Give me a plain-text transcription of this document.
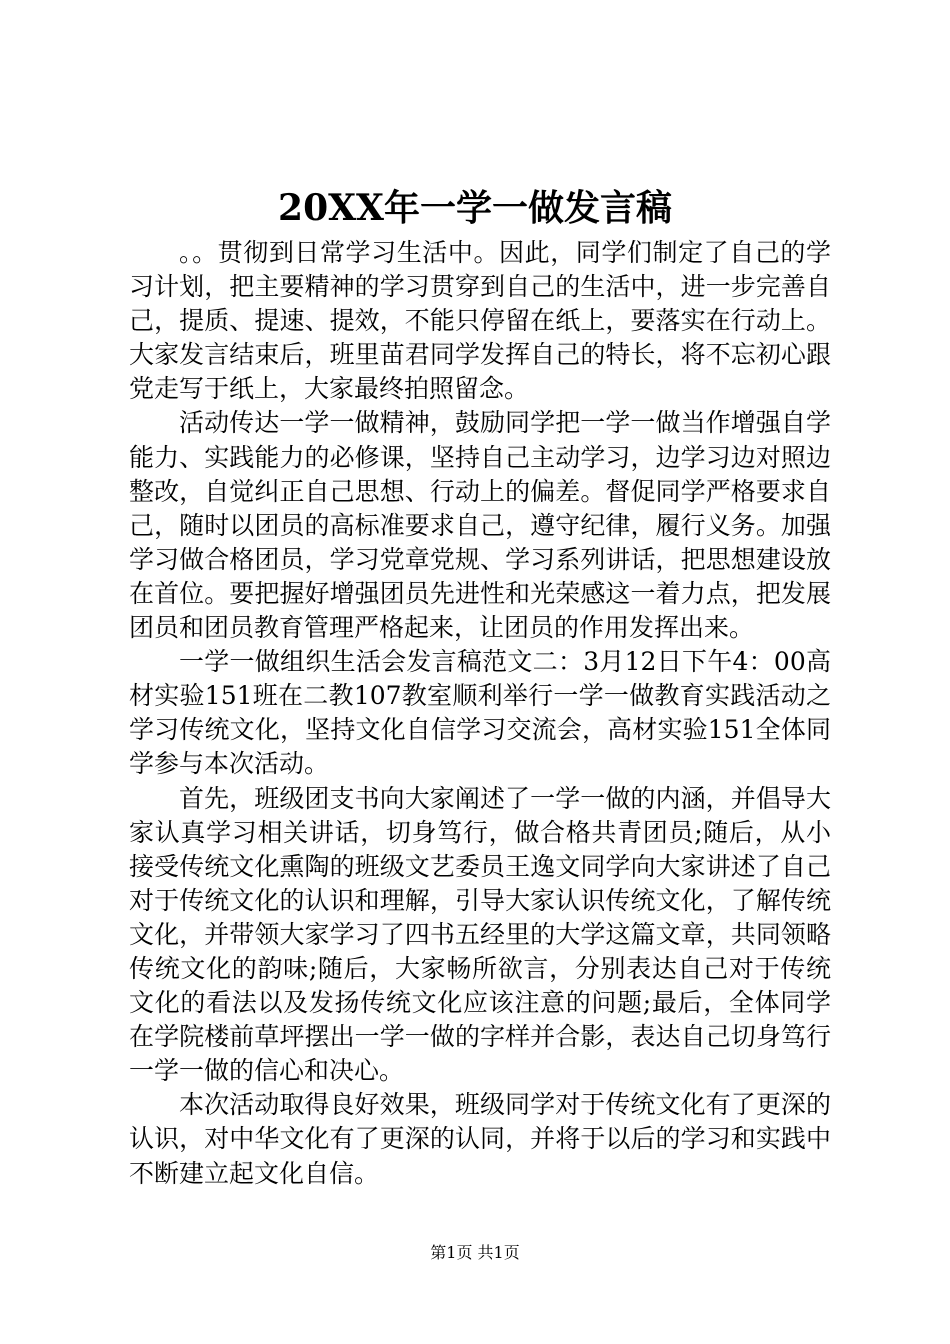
20XX年一学一做发言稿

。。贯彻到日常学习生活中。因此，同学们制定了自己的学习计划，把主要精神的学习贯穿到自己的生活中，进一步完善自己，提质、提速、提效，不能只停留在纸上，要落实在行动上。大家发言结束后，班里苗君同学发挥自己的特长，将不忘初心跟党走写于纸上，大家最终拍照留念。

活动传达一学一做精神，鼓励同学把一学一做当作增强自学能力、实践能力的必修课，坚持自己主动学习，边学习边对照边整改，自觉纠正自己思想、行动上的偏差。督促同学严格要求自己，随时以团员的高标准要求自己，遵守纪律，履行义务。加强学习做合格团员，学习党章党规、学习系列讲话，把思想建设放在首位。要把握好增强团员先进性和光荣感这一着力点，把发展团员和团员教育管理严格起来，让团员的作用发挥出来。

一学一做组织生活会发言稿范文二：3月12日下午4：00高材实验151班在二教107教室顺利举行一学一做教育实践活动之学习传统文化，坚持文化自信学习交流会，高材实验151全体同学参与本次活动。

首先，班级团支书向大家阐述了一学一做的内涵，并倡导大家认真学习相关讲话，切身笃行，做合格共青团员;随后，从小接受传统文化熏陶的班级文艺委员王逸文同学向大家讲述了自己对于传统文化的认识和理解，引导大家认识传统文化，了解传统文化，并带领大家学习了四书五经里的大学这篇文章，共同领略传统文化的韵味;随后，大家畅所欲言，分别表达自己对于传统文化的看法以及发扬传统文化应该注意的问题;最后，全体同学在学院楼前草坪摆出一学一做的字样并合影，表达自己切身笃行一学一做的信心和决心。

本次活动取得良好效果，班级同学对于传统文化有了更深的认识，对中华文化有了更深的认同，并将于以后的学习和实践中不断建立起文化自信。

第1页 共1页
